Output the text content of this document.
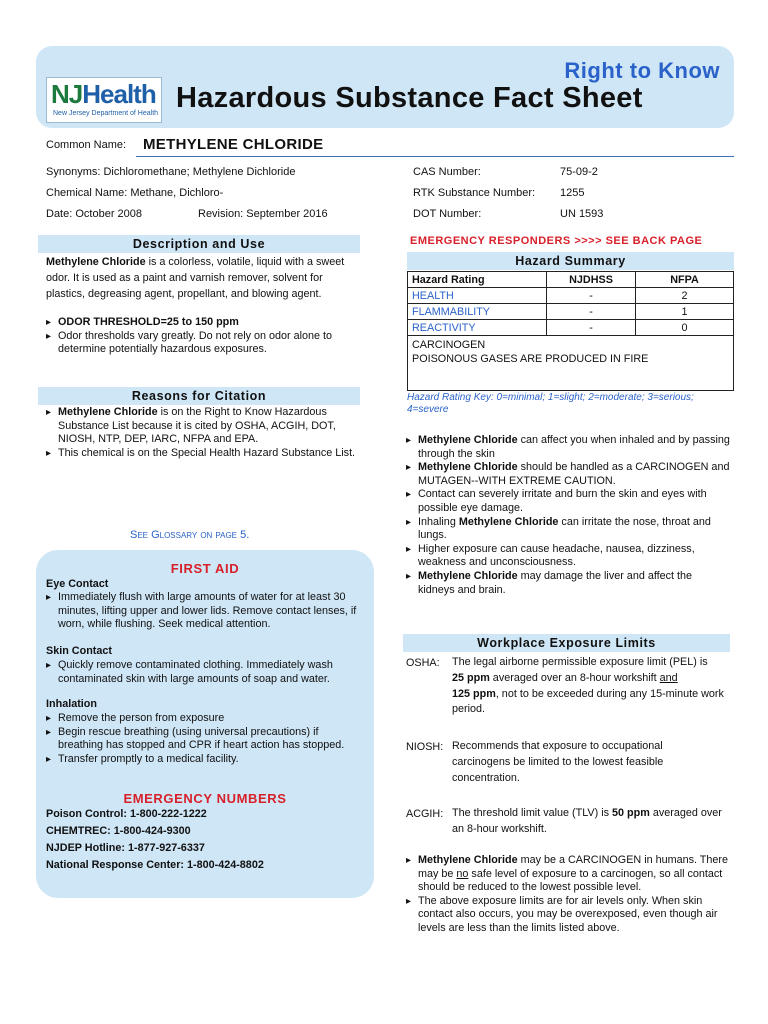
NJHealth
New Jersey Department of Health
Right to Know
Hazardous Substance Fact Sheet
Common Name: METHYLENE CHLORIDE
Synonyms: Dichloromethane; Methylene Dichloride
Chemical Name: Methane, Dichloro-
Date: October 2008	Revision: September 2016
CAS Number:	75-09-2
RTK Substance Number: 1255
DOT Number:	UN 1593
Description and Use
Methylene Chloride is a colorless, volatile, liquid with a sweet odor. It is used as a paint and varnish remover, solvent for plastics, degreasing agent, propellant, and blowing agent.
▸ ODOR THRESHOLD=25 to 150 ppm
▸ Odor thresholds vary greatly. Do not rely on odor alone to determine potentially hazardous exposures.
Reasons for Citation
▸ Methylene Chloride is on the Right to Know Hazardous Substance List because it is cited by OSHA, ACGIH, DOT, NIOSH, NTP, DEP, IARC, NFPA and EPA.
▸ This chemical is on the Special Health Hazard Substance List.
See Glossary on page 5.
FIRST AID
Eye Contact
▸ Immediately flush with large amounts of water for at least 30 minutes, lifting upper and lower lids. Remove contact lenses, if worn, while flushing. Seek medical attention.
Skin Contact
▸ Quickly remove contaminated clothing. Immediately wash contaminated skin with large amounts of soap and water.
Inhalation
▸ Remove the person from exposure
▸ Begin rescue breathing (using universal precautions) if breathing has stopped and CPR if heart action has stopped.
▸ Transfer promptly to a medical facility.
EMERGENCY NUMBERS
Poison Control: 1-800-222-1222
CHEMTREC: 1-800-424-9300
NJDEP Hotline: 1-877-927-6337
National Response Center: 1-800-424-8802
EMERGENCY RESPONDERS >>>> SEE BACK PAGE
Hazard Summary
Hazard Rating	NJDHSS	NFPA
HEALTH	-	2
FLAMMABILITY	-	1
REACTIVITY	-	0

CARCINOGEN
POISONOUS GASES ARE PRODUCED IN FIRE		
Hazard Rating Key: 0=minimal; 1=slight; 2=moderate; 3=serious; 4=severe
▸ Methylene Chloride can affect you when inhaled and by passing through the skin
▸ Methylene Chloride should be handled as a CARCINOGEN and MUTAGEN--WITH EXTREME CAUTION.
▸ Contact can severely irritate and burn the skin and eyes with possible eye damage.
▸ Inhaling Methylene Chloride can irritate the nose, throat and lungs.
▸ Higher exposure can cause headache, nausea, dizziness, weakness and unconsciousness.
▸ Methylene Chloride may damage the liver and affect the kidneys and brain.
Workplace Exposure Limits
OSHA: The legal airborne permissible exposure limit (PEL) is
25 ppm averaged over an 8-hour workshift and
125 ppm, not to be exceeded during any 15-minute work period.
NIOSH: Recommends that exposure to occupational carcinogens be limited to the lowest feasible concentration.
ACGIH: The threshold limit value (TLV) is 50 ppm averaged over an 8-hour workshift.
▸ Methylene Chloride may be a CARCINOGEN in humans. There may be no safe level of exposure to a carcinogen, so all contact should be reduced to the lowest possible level.
▸ The above exposure limits are for air levels only. When skin contact also occurs, you may be overexposed, even though air levels are less than the limits listed above.
